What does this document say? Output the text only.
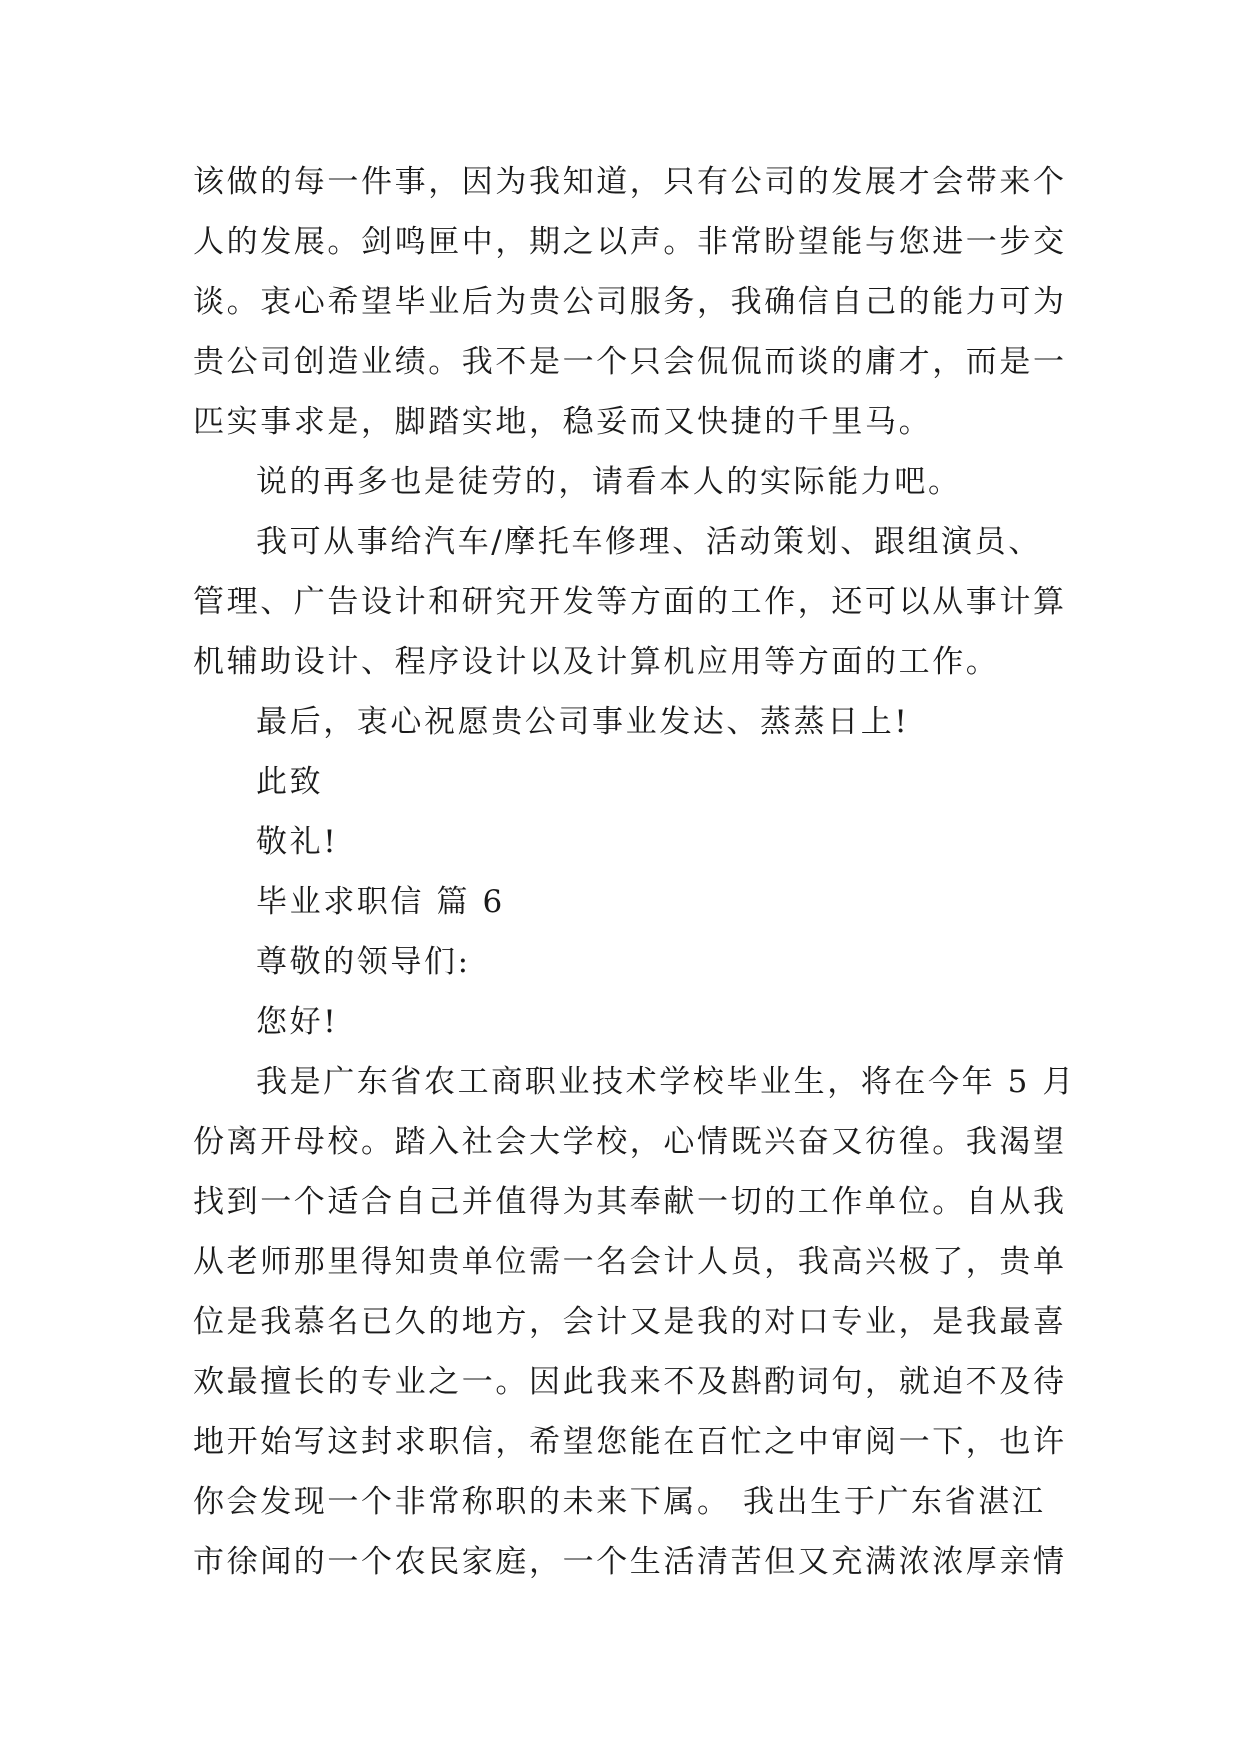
该做的每一件事，因为我知道，只有公司的发展才会带来个
人的发展。剑鸣匣中，期之以声。非常盼望能与您进一步交
谈。衷心希望毕业后为贵公司服务，我确信自己的能力可为
贵公司创造业绩。我不是一个只会侃侃而谈的庸才，而是一
匹实事求是，脚踏实地，稳妥而又快捷的千里马。
说的再多也是徒劳的，请看本人的实际能力吧。
我可从事给汽车/摩托车修理、活动策划、跟组演员、
管理、广告设计和研究开发等方面的工作，还可以从事计算
机辅助设计、程序设计以及计算机应用等方面的工作。
最后，衷心祝愿贵公司事业发达、蒸蒸日上!
此致
敬礼!
毕业求职信 篇 6
尊敬的领导们:
您好!
我是广东省农工商职业技术学校毕业生，将在今年 5 月
份离开母校。踏入社会大学校，心情既兴奋又彷徨。我渴望
找到一个适合自己并值得为其奉献一切的工作单位。自从我
从老师那里得知贵单位需一名会计人员，我高兴极了，贵单
位是我慕名已久的地方，会计又是我的对口专业，是我最喜
欢最擅长的专业之一。因此我来不及斟酌词句，就迫不及待
地开始写这封求职信，希望您能在百忙之中审阅一下，也许
你会发现一个非常称职的未来下属。 我出生于广东省湛江
市徐闻的一个农民家庭，一个生活清苦但又充满浓浓厚亲情
